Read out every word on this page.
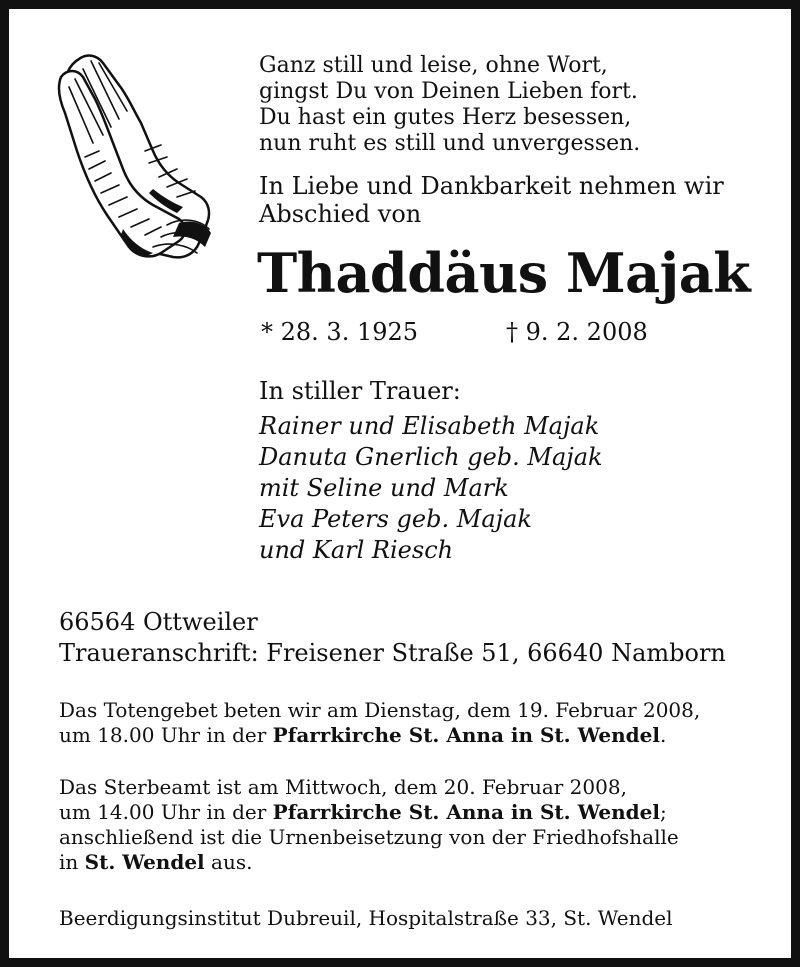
Ganz still und leise, ohne Wort,
gingst Du von Deinen Lieben fort.
Du hast ein gutes Herz besessen,
nun ruht es still und unvergessen.
In Liebe und Dankbarkeit nehmen wir
Abschied von
Thaddäus Majak
* 28. 3. 1925	† 9. 2. 2008
In stiller Trauer:
Rainer und Elisabeth Majak
Danuta Gnerlich geb. Majak
mit Seline und Mark
Eva Peters geb. Majak
und Karl Riesch
66564 Ottweiler
Traueranschrift: Freisener Straße 51, 66640 Namborn
Das Totengebet beten wir am Dienstag, dem 19. Februar 2008,
um 18.00 Uhr in der Pfarrkirche St. Anna in St. Wendel.
Das Sterbeamt ist am Mittwoch, dem 20. Februar 2008,
um 14.00 Uhr in der Pfarrkirche St. Anna in St. Wendel;
anschließend ist die Urnenbeisetzung von der Friedhofshalle
in St. Wendel aus.
Beerdigungsinstitut Dubreuil, Hospitalstraße 33, St. Wendel
